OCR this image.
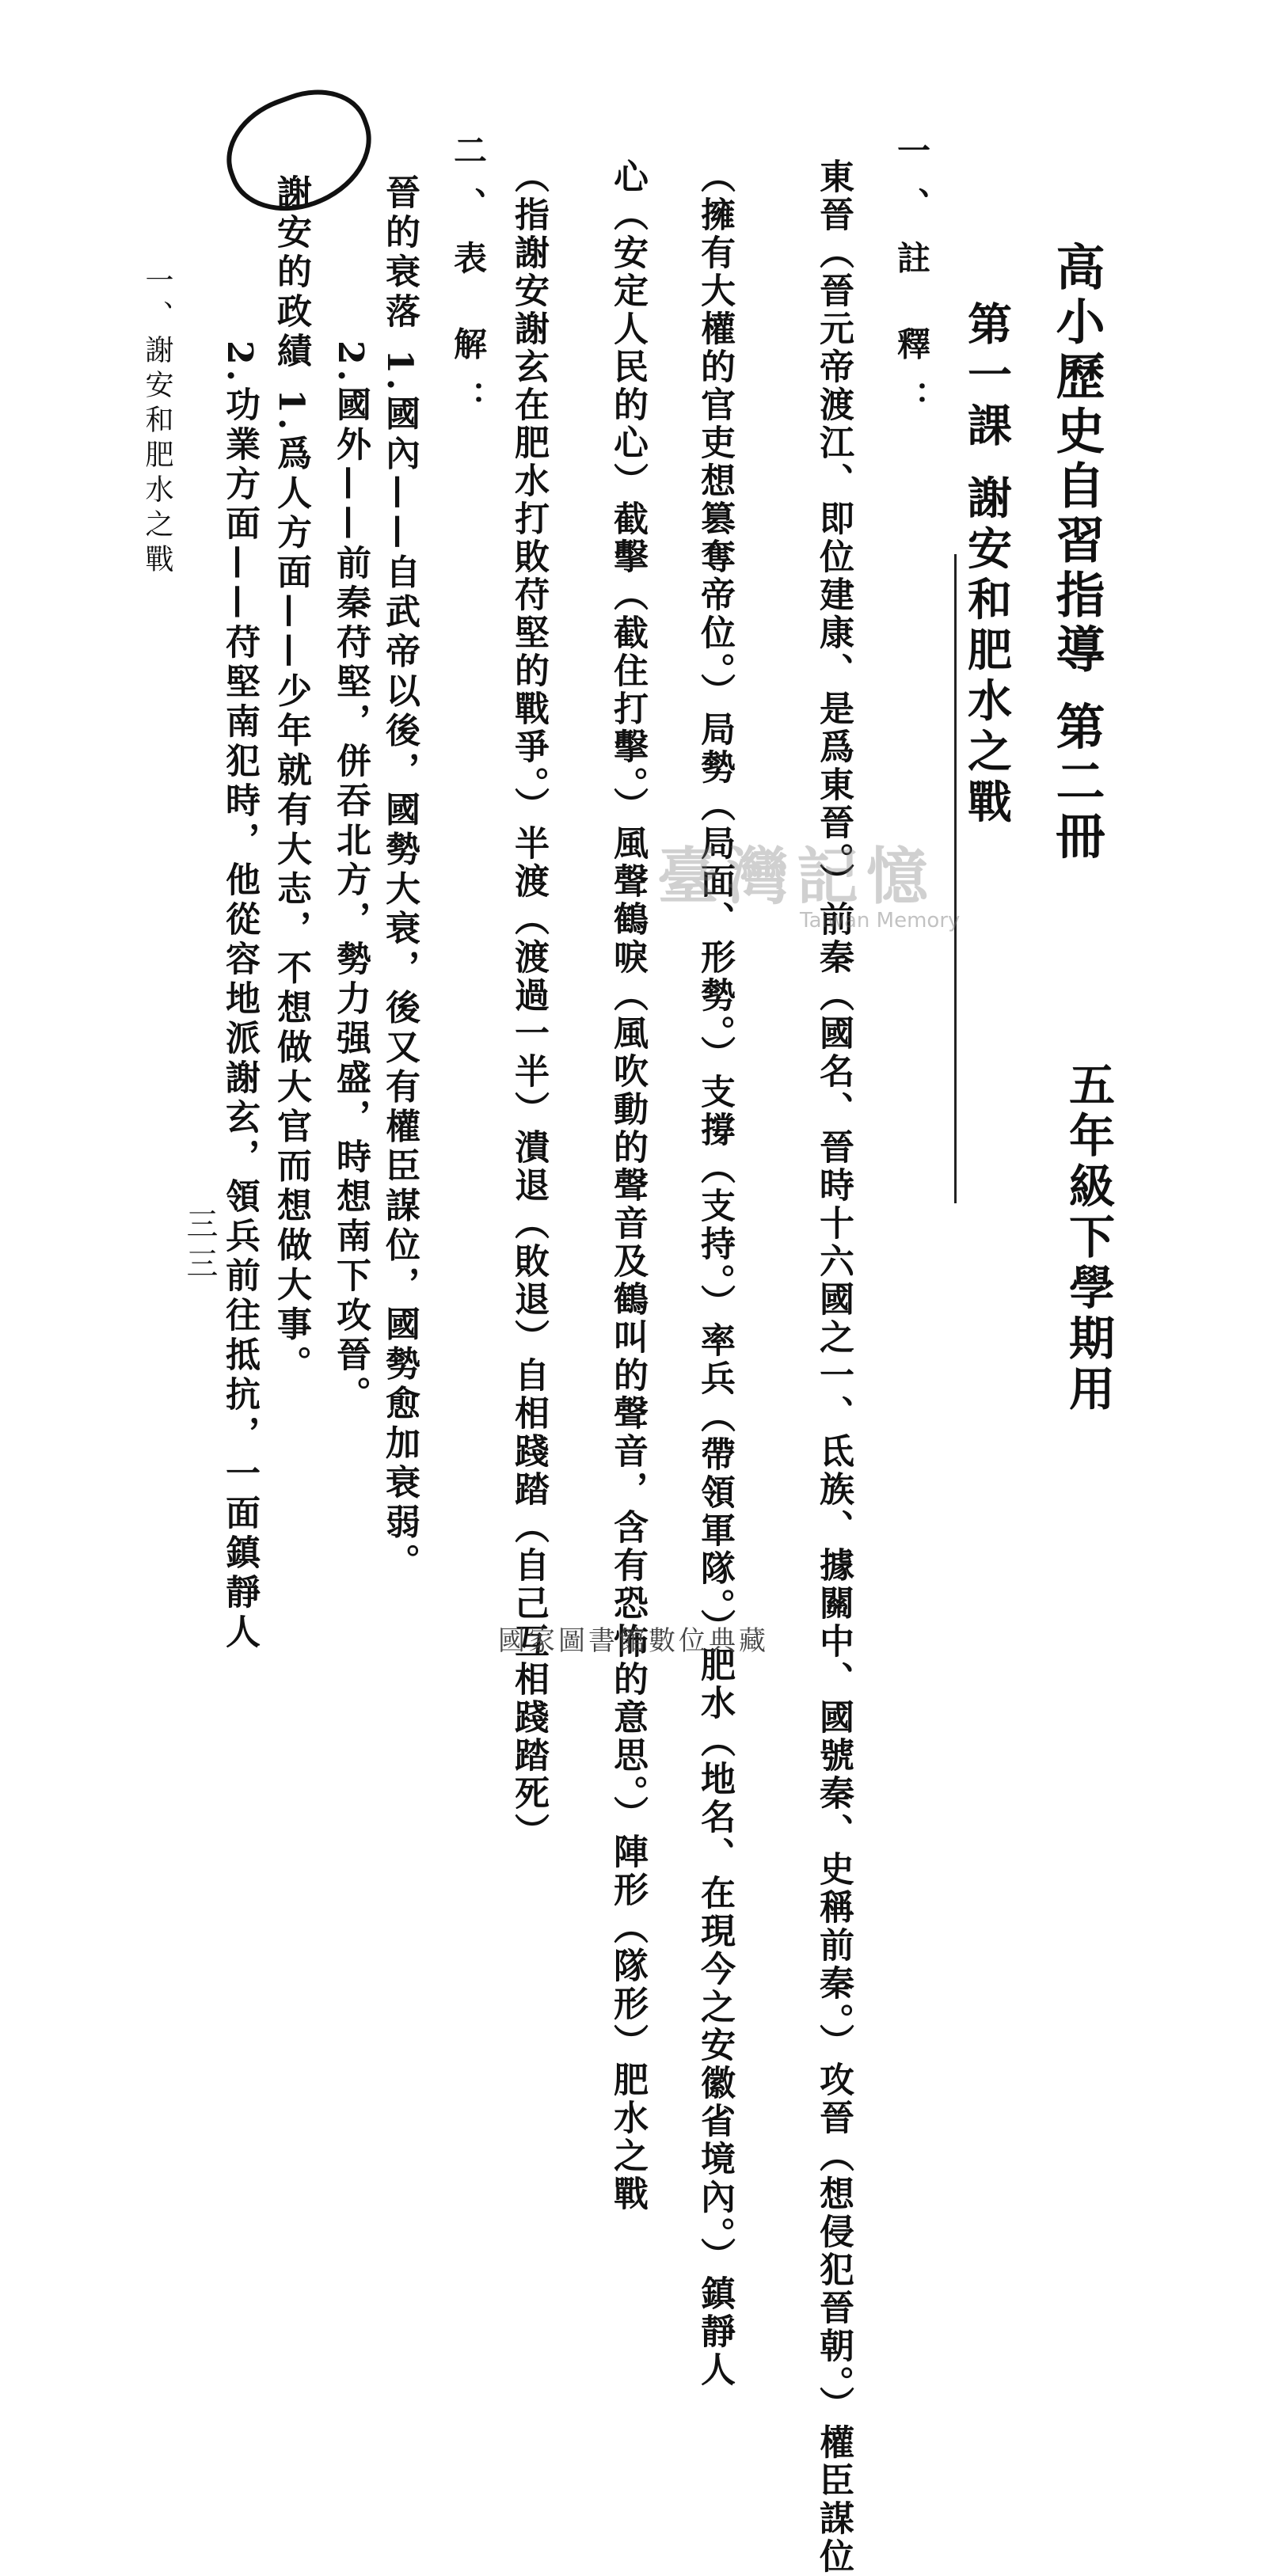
高小歷史自習指導 第二冊
五年級下學期用
第一課 謝安和肥水之戰
一、註 釋：
東晉（晉元帝渡江、即位建康、是爲東晉。）前秦（國名、晉時十六國之一、氐族、據關中、國號秦、史稱前秦。）攻晉（想侵犯晉朝。）權臣謀位
（擁有大權的官吏想篡奪帝位。）局勢（局面、形勢。）支撐（支持。）率兵（帶領軍隊。）肥水（地名、在現今之安徽省境內。）鎮靜人
心（安定人民的心）截擊（截住打擊。）風聲鶴唳（風吹動的聲音及鶴叫的聲音，含有恐怖的意思。）陣形（隊形）肥水之戰
（指謝安謝玄在肥水打敗苻堅的戰爭。）半渡（渡過一半）潰退（敗退）自相踐踏（自己互相踐踏死）
二、表 解：
晉的衰落 1.國內——自武帝以後，國勢大衰，後又有權臣謀位，國勢愈加衰弱。
2.國外——前秦苻堅，併吞北方，勢力强盛，時想南下攻晉。
謝安的政績 1.爲人方面——少年就有大志，不想做大官而想做大事。
2.功業方面——苻堅南犯時，他從容地派謝玄，領兵前往抵抗，一面鎮靜人
一、謝安和肥水之戰
三三
臺灣記憶
Taiwan Memory
國家圖書館數位典藏
